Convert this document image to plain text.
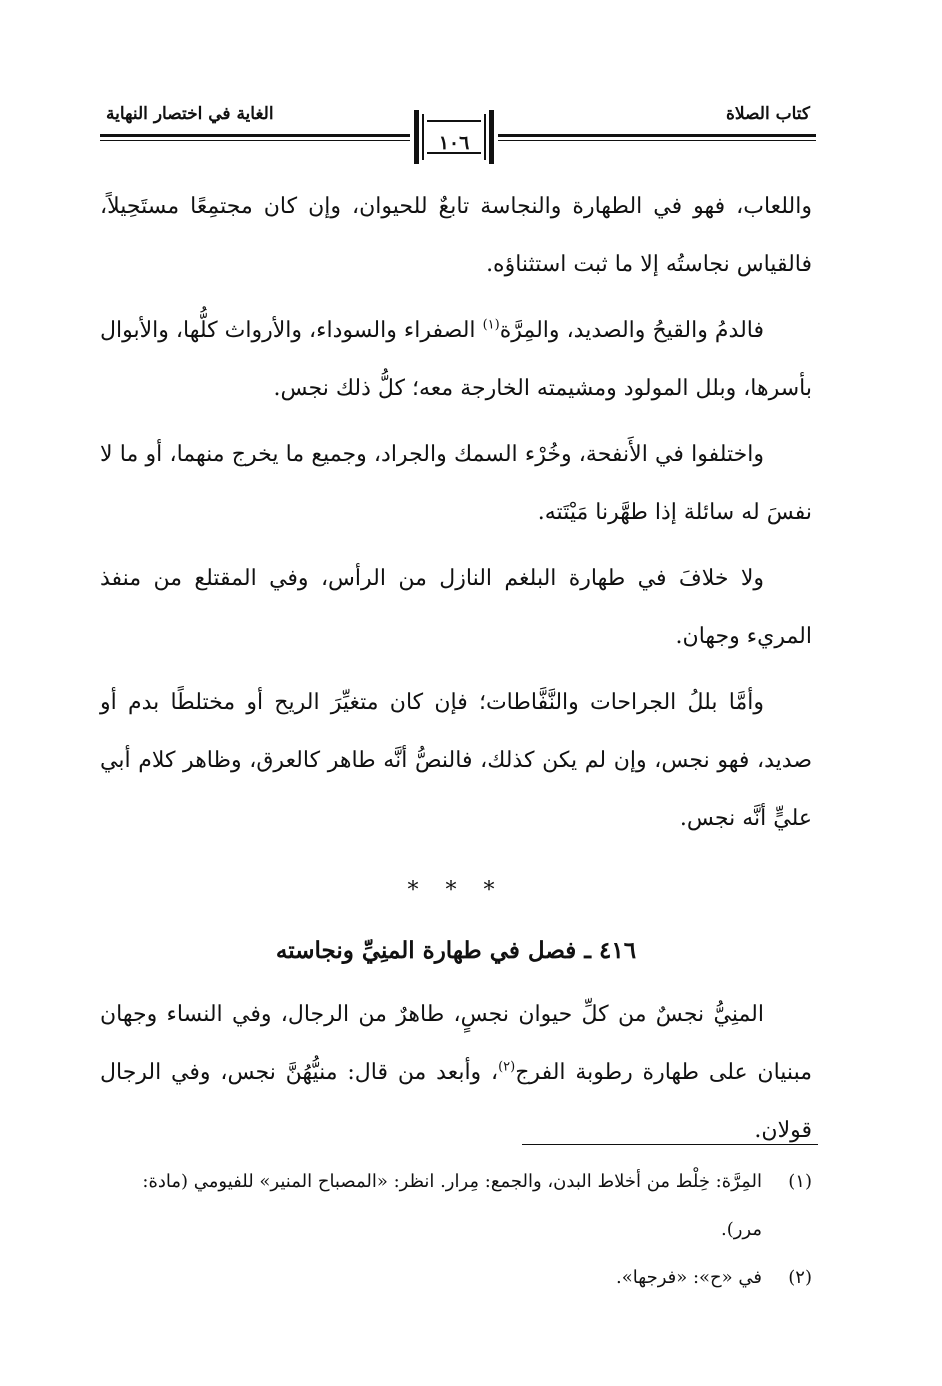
كتاب الصلاة
الغاية في اختصار النهاية
١٠٦

واللعاب، فهو في الطهارة والنجاسة تابعٌ للحيوان، وإن كان مجتمِعًا مستَحِيلاً، فالقياس نجاستُه إلا ما ثبت استثناؤه.

فالدمُ والقيحُ والصديد، والمِرَّة$^{(١)}$ الصفراء والسوداء، والأرواث كلُّها، والأبوال بأسرها، وبلل المولود ومشيمته الخارجة معه؛ كلُّ ذلك نجس.

واختلفوا في الأَنفحة، وخُرْء السمك والجراد، وجميع ما يخرج منهما، أو ما لا نفسَ له سائلة إذا طهَّرنا مَيْتَته.

ولا خلافَ في طهارة البلغم النازل من الرأس، وفي المقتلع من منفذ المريء وجهان.

وأمَّا بللُ الجراحات والنَّفَّاطات؛ فإن كان متغيِّرَ الريح أو مختلطًا بدم أو صديد، فهو نجس، وإن لم يكن كذلك، فالنصُّ أنَّه طاهر كالعرق، وظاهر كلام أبي عليٍّ أنَّه نجس.

* * *
٤١٦ ـ فصل في طهارة المنِيِّ ونجاسته

المنِيُّ نجسٌ من كلِّ حيوان نجسٍ، طاهرٌ من الرجال، وفي النساء وجهان مبنيان على طهارة رطوبة الفرج$^{(٢)}$، وأبعد من قال: منيُّهُنَّ نجس، وفي الرجال قولان.

(١)
المِرَّة: خِلْط من أخلاط البدن، والجمع: مِرار. انظر: «المصباح المنير» للفيومي (مادة: مرر).

(٢)
في «ح»: «فرجها».
